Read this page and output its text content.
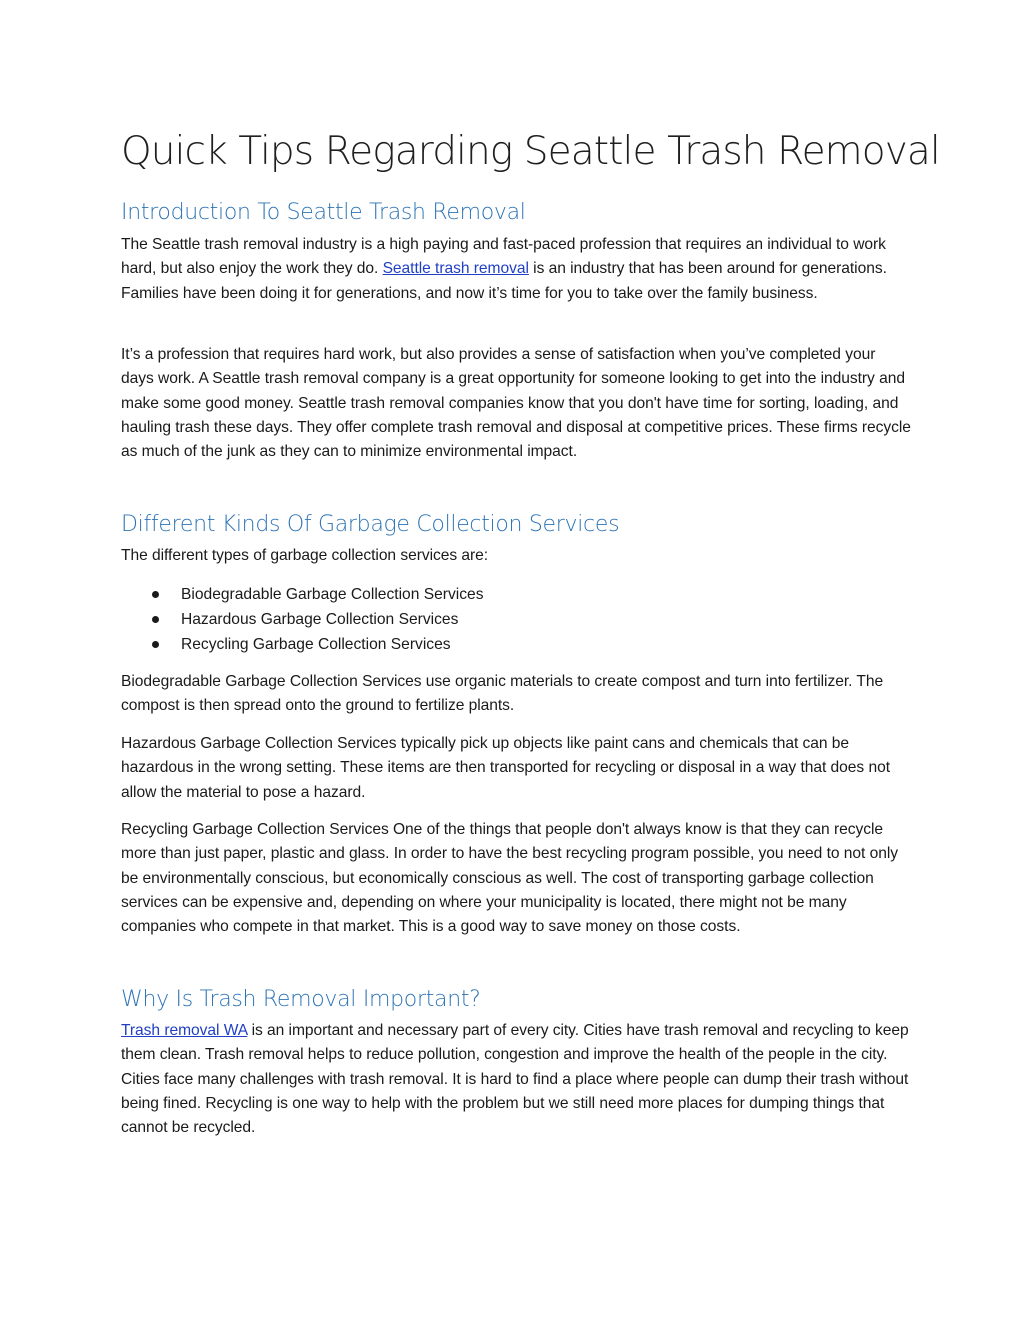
Quick Tips Regarding Seattle Trash Removal
Introduction To Seattle Trash Removal

The Seattle trash removal industry is a high paying and fast-paced profession that requires an individual to work hard, but also enjoy the work they do. Seattle trash removal is an industry that has been around for generations. Families have been doing it for generations, and now it’s time for you to take over the family business.

It’s a profession that requires hard work, but also provides a sense of satisfaction when you’ve completed your days work. A Seattle trash removal company is a great opportunity for someone looking to get into the industry and make some good money. Seattle trash removal companies know that you don't have time for sorting, loading, and hauling trash these days. They offer complete trash removal and disposal at competitive prices. These firms recycle as much of the junk as they can to minimize environmental impact.

Different Kinds Of Garbage Collection Services

The different types of garbage collection services are:

Biodegradable Garbage Collection Services
Hazardous Garbage Collection Services
Recycling Garbage Collection Services

Biodegradable Garbage Collection Services use organic materials to create compost and turn into fertilizer. The compost is then spread onto the ground to fertilize plants.

Hazardous Garbage Collection Services typically pick up objects like paint cans and chemicals that can be hazardous in the wrong setting. These items are then transported for recycling or disposal in a way that does not allow the material to pose a hazard.

Recycling Garbage Collection Services One of the things that people don't always know is that they can recycle more than just paper, plastic and glass. In order to have the best recycling program possible, you need to not only be environmentally conscious, but economically conscious as well. The cost of transporting garbage collection services can be expensive and, depending on where your municipality is located, there might not be many companies who compete in that market. This is a good way to save money on those costs.

Why Is Trash Removal Important?

Trash removal WA is an important and necessary part of every city. Cities have trash removal and recycling to keep them clean. Trash removal helps to reduce pollution, congestion and improve the health of the people in the city. Cities face many challenges with trash removal. It is hard to find a place where people can dump their trash without being fined. Recycling is one way to help with the problem but we still need more places for dumping things that cannot be recycled.
